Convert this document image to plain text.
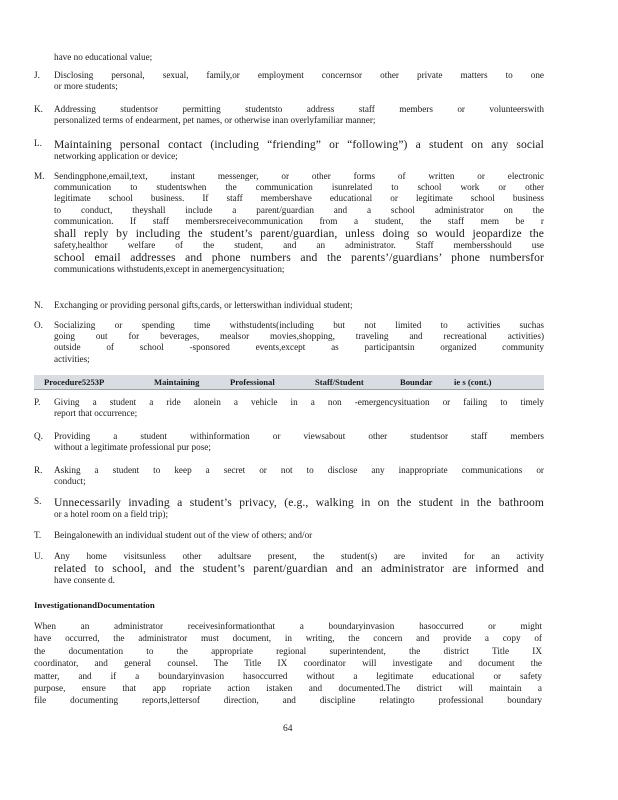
have no educational value;
J.	Disclosing personal, sexual, family,or employment concernsor other private matters to one
or more students;
K.	Addressing studentsor permitting studentsto address staff members or volunteerswith
personalized terms of endearment, pet names, or otherwise inan overlyfamiliar manner;
L.	Maintaining personal contact (including “friending” or “following”) a student on any social
networking application or device;
M.	Sendingphone,email,text, instant messenger, or other forms of written or electronic
communication to studentswhen the communication isunrelated to school work or other
legitimate school business. If staff membershave educational or legitimate school business
to conduct, theyshall include a parent/guardian and a school administrator on the
communication. If staff membersreceivecommunication from a student, the staff mem be r
shall reply by including the student’s parent/guardian, unless doing so would jeopardize the
safety,healthor welfare of the student, and an administrator. Staff membersshould use
school email addresses and phone numbers and the parents’/guardians’ phone numbersfor
communications withstudents,except in anemergencysituation;
N.	Exchanging or providing personal gifts,cards, or letterswithan individual student;
O.	Socializing or spending time withstudents(including but not limited to activities suchas
going out for beverages, mealsor movies,shopping, traveling and recreational activities)
outside of school -sponsored events,except as participantsin organized community
activities;
Procedure5253P	Maintaining	Professional	Staff/Student	Boundar	ie s (cont.)
P.	Giving a student a ride alonein a vehicle in a non -emergencysituation or failing to timely
report that occurrence;
Q.	Providing a student withinformation or viewsabout other studentsor staff members
without a legitimate professional pur pose;
R.	Asking a student to keep a secret or not to disclose any inappropriate communications or
conduct;
S.	Unnecessarily invading a student’s privacy, (e.g., walking in on the student in the bathroom
or a hotel room on a field trip);
T.	Beingalonewith an individual student out of the view of others; and/or
U.	Any home visitsunless other adultsare present, the student(s) are invited for an activity
related to school, and the student’s parent/guardian and an administrator are informed and
have consente d.
InvestigationandDocumentation
When an administrator receivesinformationthat a boundaryinvasion hasoccurred or might
have occurred, the administrator must document, in writing, the concern and provide a copy of
the documentation to the appropriate regional superintendent, the district Title IX
coordinator, and general counsel. The Title IX coordinator will investigate and document the
matter, and if a boundaryinvasion hasoccurred without a legitimate educational or safety
purpose, ensure that app ropriate action istaken and documented.The district will maintain a
file documenting reports,lettersof direction, and discipline relatingto professional boundary
64
